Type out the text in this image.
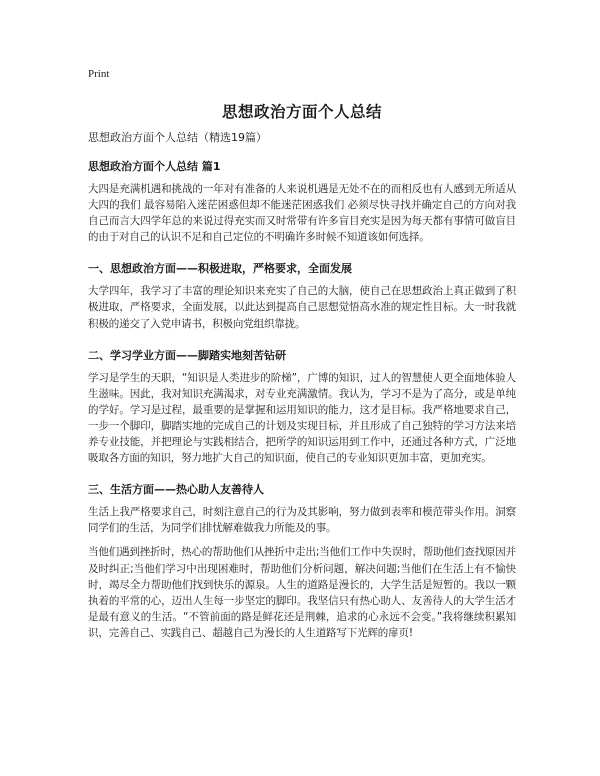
Print
思想政治方面个人总结
思想政治方面个人总结（精选19篇）
思想政治方面个人总结 篇1

大四是充满机遇和挑战的一年对有准备的人来说机遇是无处不在的而相反也有人感到无所适从大四的我们 最容易陷入迷茫困惑但却不能迷茫困惑我们 必须尽快寻找并确定自己的方向对我自己而言大四学年总的来说过得充实而又时常带有许多盲目充实是因为每天都有事情可做盲目的由于对自己的认识不足和自己定位的不明确许多时候不知道该如何选择。

一、思想政治方面——积极进取，严格要求，全面发展

大学四年，我学习了丰富的理论知识来充实了自己的大脑，使自己在思想政治上真正做到了积极进取，严格要求，全面发展，以此达到提高自己思想觉悟高水准的规定性目标。大一时我就积极的递交了入党申请书，积极向党组织靠拢。

二、学习学业方面——脚踏实地刻苦钻研

学习是学生的天职，“知识是人类进步的阶梯”，广博的知识，过人的智慧使人更全面地体验人生滋味。因此，我对知识充满渴求，对专业充满激情。我认为，学习不是为了高分，或是单纯的学好。学习是过程，最重要的是掌握和运用知识的能力，这才是目标。我严格地要求自己，一步一个脚印，脚踏实地的完成自己的计划及实现目标，并且形成了自己独特的学习方法来培养专业技能，并把理论与实践相结合，把所学的知识运用到工作中，还通过各种方式，广泛地吸取各方面的知识，努力地扩大自己的知识面，使自己的专业知识更加丰富，更加充实。

三、生活方面——热心助人友善待人

生活上我严格要求自己，时刻注意自己的行为及其影响，努力做到表率和模范带头作用。洞察同学们的生活，为同学们排忧解难做我力所能及的事。

当他们遇到挫折时，热心的帮助他们从挫折中走出;当他们工作中失误时，帮助他们查找原因并及时纠正;当他们学习中出现困难时，帮助他们分析问题，解决问题;当他们在生活上有不愉快时，竭尽全力帮助他们找到快乐的源泉。人生的道路是漫长的，大学生活是短暂的。我以一颗执着的平常的心，迈出人生每一步坚定的脚印。我坚信只有热心助人、友善待人的大学生活才是最有意义的生活。“不管前面的路是鲜花还是荆棘，追求的心永远不会变。”我将继续积累知识，完善自己、实践自己、超越自己为漫长的人生道路写下光辉的扉页!
